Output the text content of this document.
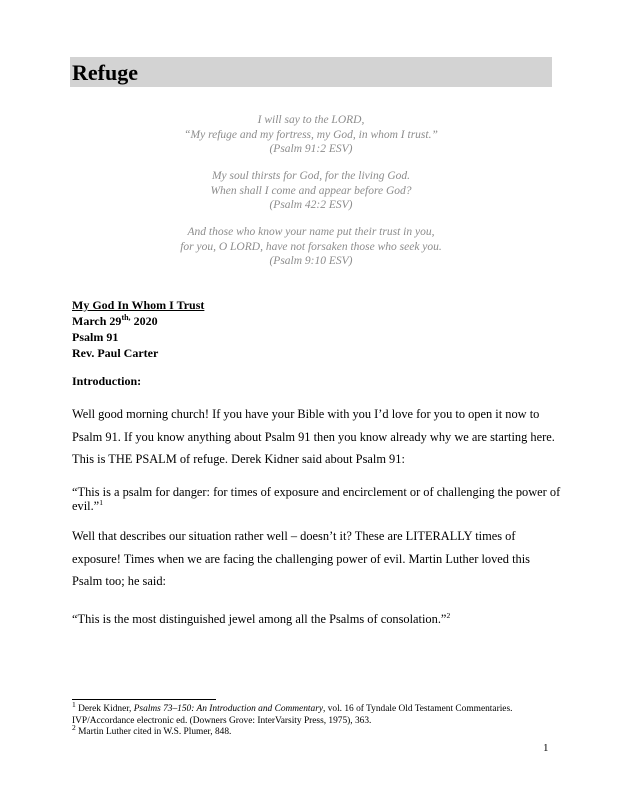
Refuge
I will say to the LORD,
“My refuge and my fortress, my God, in whom I trust.”
(Psalm 91:2 ESV)
My soul thirsts for God, for the living God.
When shall I come and appear before God?
(Psalm 42:2 ESV)
And those who know your name put their trust in you,
for you, O LORD, have not forsaken those who seek you.
(Psalm 9:10 ESV)
My God In Whom I Trust
March $29^{th,}$ 2020
Psalm 91
Rev. Paul Carter
Introduction:
Well good morning church! If you have your Bible with you I’d love for you to open it now to
Psalm 91. If you know anything about Psalm 91 then you know already why we are starting here.
This is THE PSALM of refuge. Derek Kidner said about Psalm 91:
“This is a psalm for danger: for times of exposure and encirclement or of challenging the power of
evil.”$^1$
Well that describes our situation rather well – doesn’t it? These are LITERALLY times of
exposure! Times when we are facing the challenging power of evil. Martin Luther loved this
Psalm too; he said:
“This is the most distinguished jewel among all the Psalms of consolation.”$^2$
$^1$ Derek Kidner, Psalms 73–150: An Introduction and Commentary, vol. 16 of Tyndale Old Testament Commentaries.
IVP/Accordance electronic ed. (Downers Grove: InterVarsity Press, 1975), 363.
$^2$ Martin Luther cited in W.S. Plumer, 848.
1
